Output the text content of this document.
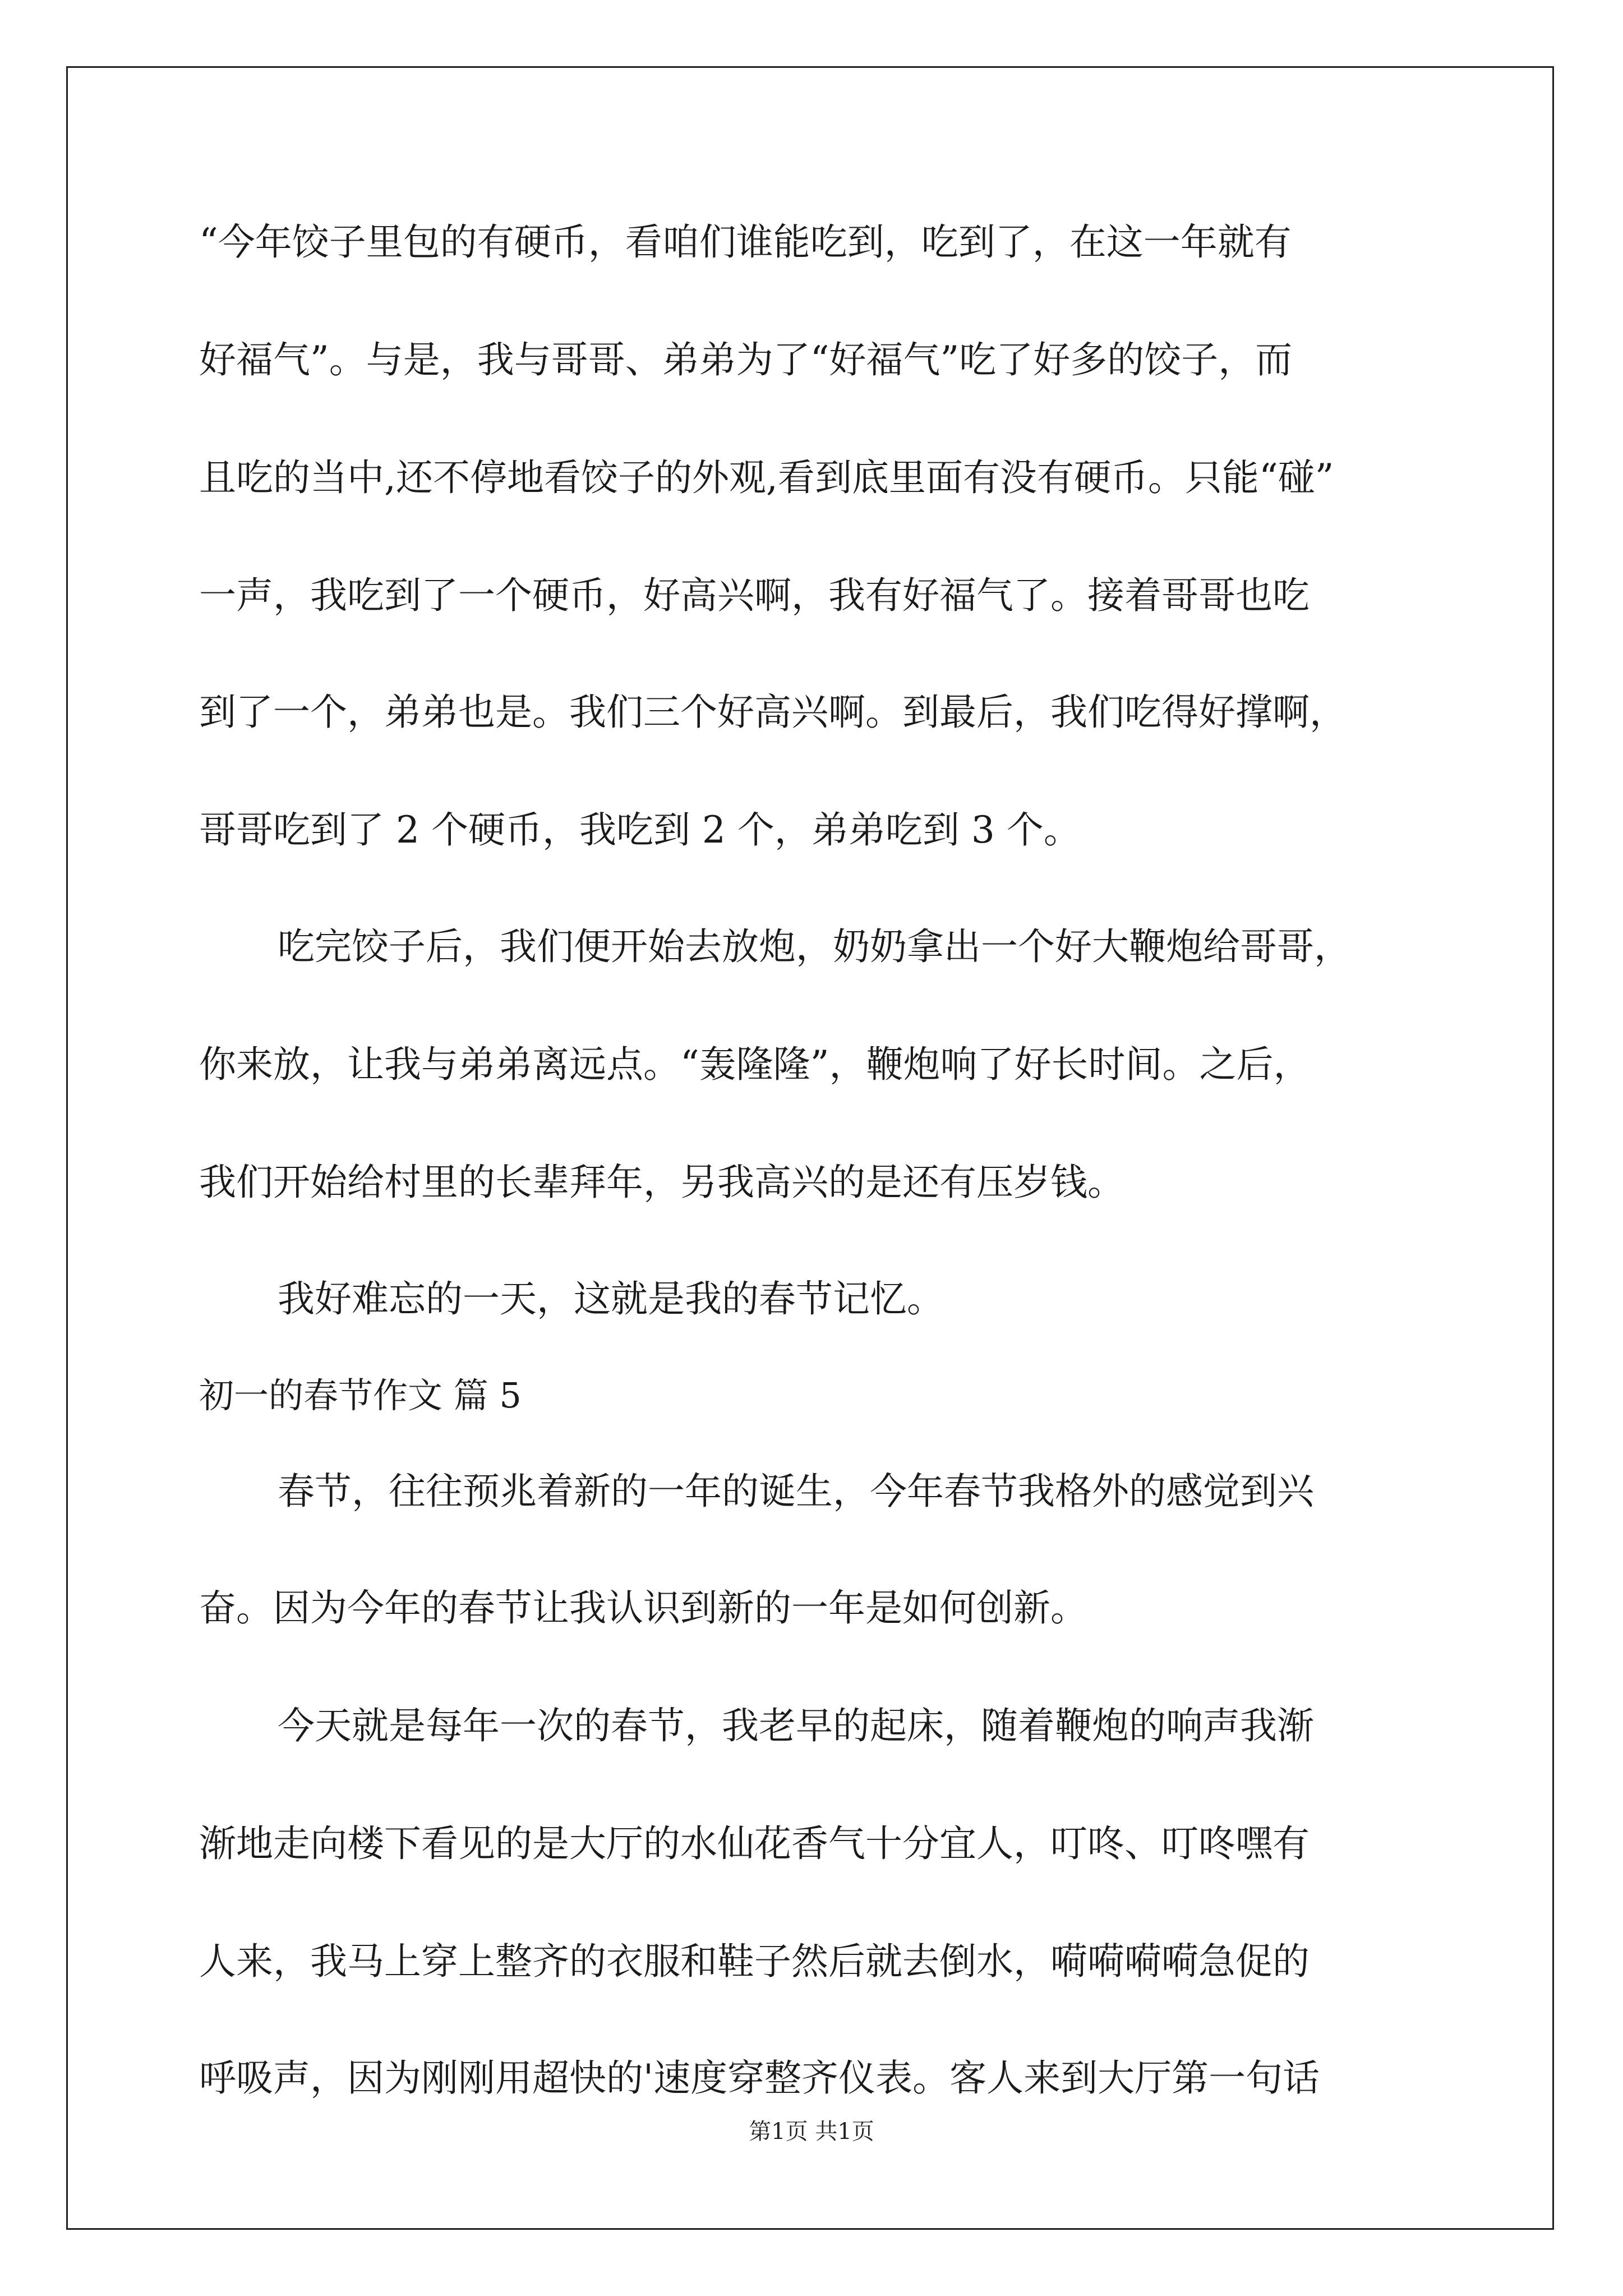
“今年饺子里包的有硬币，看咱们谁能吃到，吃到了，在这一年就有
好福气”。与是，我与哥哥、弟弟为了“好福气”吃了好多的饺子，而
且吃的当中,还不停地看饺子的外观,看到底里面有没有硬币。只能“碰”
一声，我吃到了一个硬币，好高兴啊，我有好福气了。接着哥哥也吃
到了一个，弟弟也是。我们三个好高兴啊。到最后，我们吃得好撑啊，
哥哥吃到了 2 个硬币，我吃到 2 个，弟弟吃到 3 个。
吃完饺子后，我们便开始去放炮，奶奶拿出一个好大鞭炮给哥哥，
你来放，让我与弟弟离远点。“轰隆隆”，鞭炮响了好长时间。之后，
我们开始给村里的长辈拜年，另我高兴的是还有压岁钱。
我好难忘的一天，这就是我的春节记忆。
初一的春节作文 篇 5
春节，往往预兆着新的一年的诞生，今年春节我格外的感觉到兴
奋。因为今年的春节让我认识到新的一年是如何创新。
今天就是每年一次的春节，我老早的起床，随着鞭炮的响声我渐
渐地走向楼下看见的是大厅的水仙花香气十分宜人，叮咚、叮咚嘿有
人来，我马上穿上整齐的衣服和鞋子然后就去倒水，嗬嗬嗬嗬急促的
呼吸声，因为刚刚用超快的'速度穿整齐仪表。客人来到大厅第一句话
第1页 共1页
